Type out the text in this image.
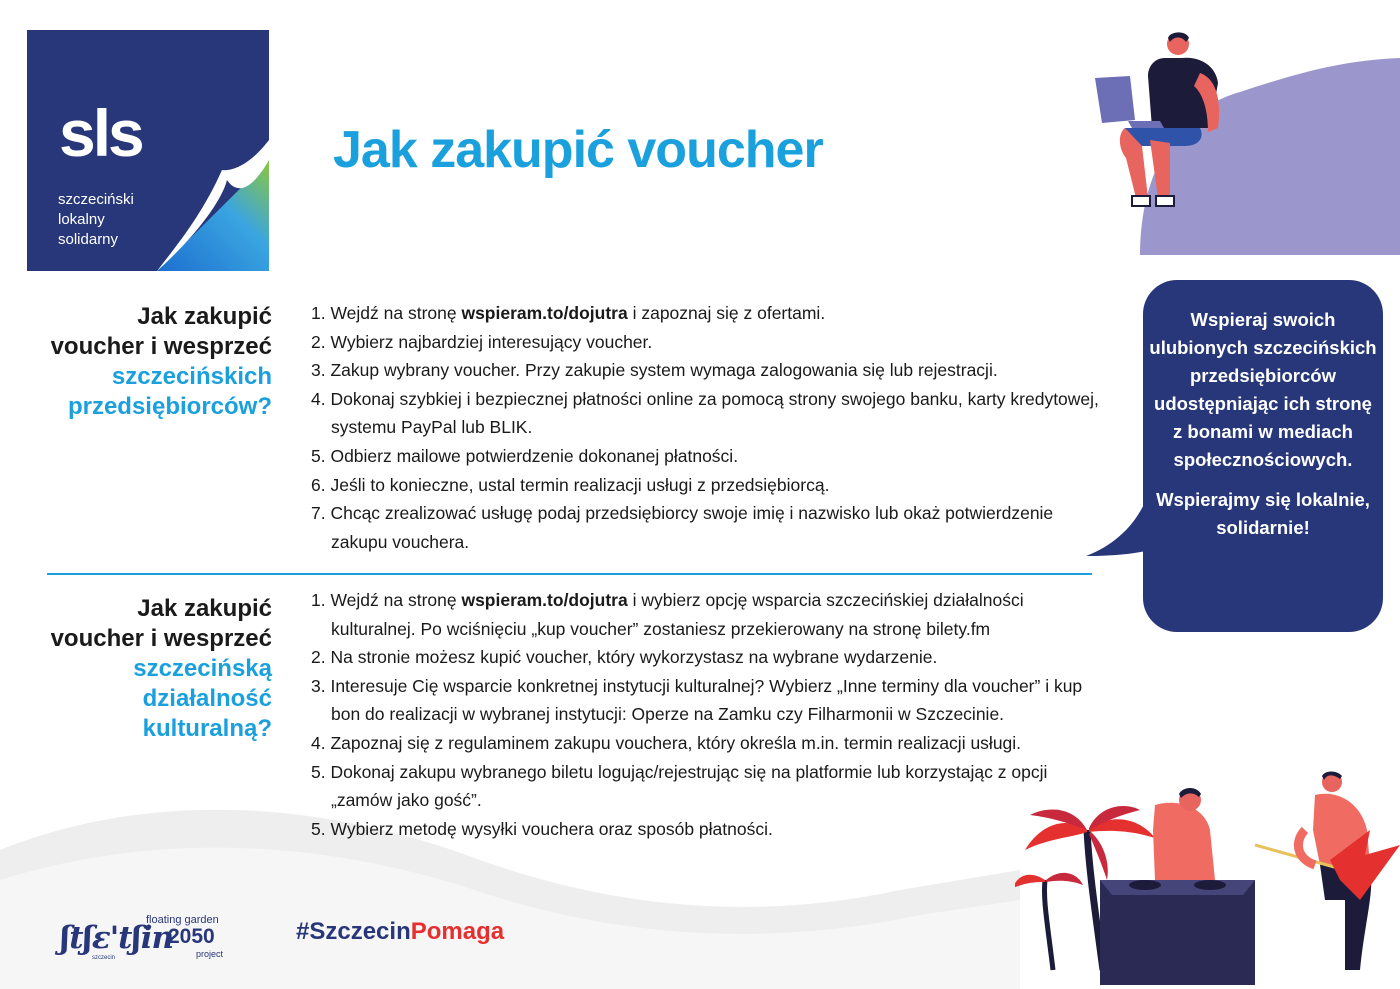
sls
szczeciński
lokalny
solidarny
Jak zakupić voucher
Jak zakupić
voucher i wesprzeć
szczecińskich
przedsiębiorców?
1. Wejdź na stronę wspieram.to/dojutra i zapoznaj się z ofertami.
2. Wybierz najbardziej interesujący voucher.
3. Zakup wybrany voucher. Przy zakupie system wymaga zalogowania się lub rejestracji.
4. Dokonaj szybkiej i bezpiecznej płatności online za pomocą strony swojego banku, karty kredytowej, systemu PayPal lub BLIK.
5. Odbierz mailowe potwierdzenie dokonanej płatności.
6. Jeśli to konieczne, ustal termin realizacji usługi z przedsiębiorcą.
7. Chcąc zrealizować usługę podaj przedsiębiorcy swoje imię i nazwisko lub okaż potwierdzenie zakupu vouchera.
Jak zakupić
voucher i wesprzeć
szczecińską
działalność
kulturalną?
1. Wejdź na stronę wspieram.to/dojutra i wybierz opcję wsparcia szczecińskiej działalności kulturalnej. Po wciśnięciu „kup voucher” zostaniesz przekierowany na stronę bilety.fm
2. Na stronie możesz kupić voucher, który wykorzystasz na wybrane wydarzenie.
3. Interesuje Cię wsparcie konkretnej instytucji kulturalnej? Wybierz „Inne terminy dla voucher” i kup bon do realizacji w wybranej instytucji: Operze na Zamku czy Filharmonii w Szczecinie.
4. Zapoznaj się z regulaminem zakupu vouchera, który określa m.in. termin realizacji usługi.
5. Dokonaj zakupu wybranego biletu logując/rejestrując się na platformie lub korzystając z opcji „zamów jako gość”.
5. Wybierz metodę wysyłki vouchera oraz sposób płatności.

Wspieraj swoich ulubionych szczecińskich przedsiębiorców udostępniając ich stronę z bonami w mediach społecznościowych.

Wspierajmy się lokalnie, solidarnie!

ʃtʃɛ'tʃin
floating garden
2050
project
szczecin
#SzczecinPomaga
